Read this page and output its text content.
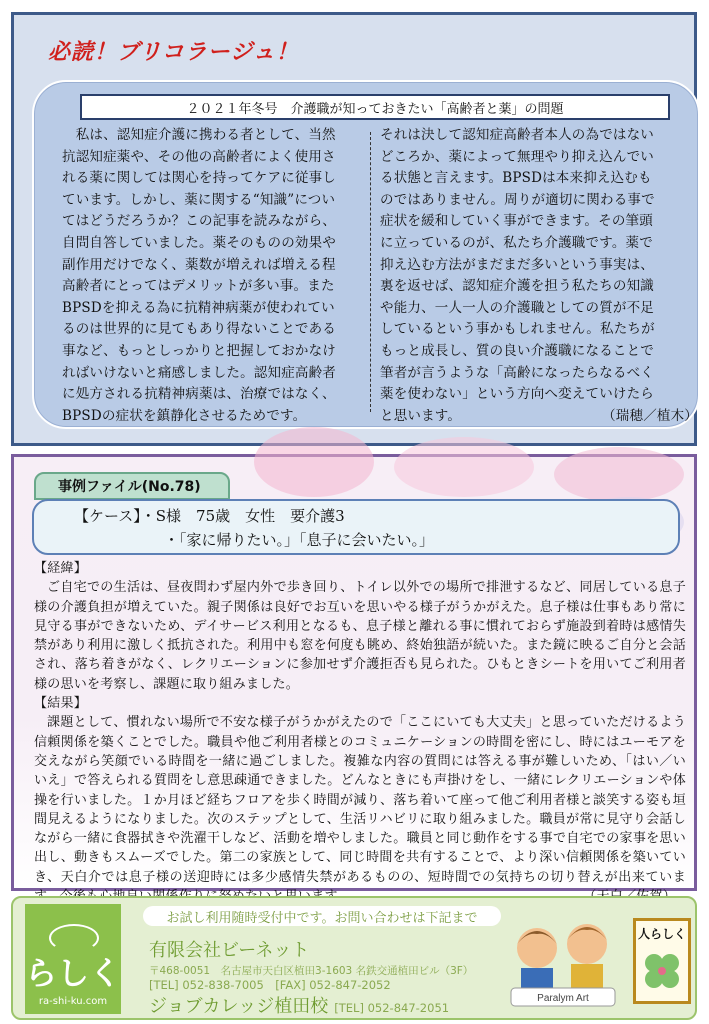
必読！ブリコラージュ！
２０２１年冬号　介護職が知っておきたい「高齢者と薬」の問題
　私は、認知症介護に携わる者として、当然
抗認知症薬や、その他の高齢者によく使用さ
れる薬に関しては関心を持ってケアに従事し
ています。しかし、薬に関する“知識”につい
てはどうだろうか？この記事を読みながら、
自問自答していました。薬そのものの効果や
副作用だけでなく、薬数が増えれば増える程
高齢者にとってはデメリットが多い事。また
BPSDを抑える為に抗精神病薬が使われてい
るのは世界的に見てもあり得ないことである
事など、もっとしっかりと把握しておかなけ
ればいけないと痛感しました。認知症高齢者
に処方される抗精神病薬は、治療ではなく、
BPSDの症状を鎮静化させるためです。
それは決して認知症高齢者本人の為ではない
どころか、薬によって無理やり抑え込んでい
る状態と言えます。BPSDは本来抑え込むも
のではありません。周りが適切に関わる事で
症状を緩和していく事ができます。その筆頭
に立っているのが、私たち介護職です。薬で
抑え込む方法がまだまだ多いという事実は、
裏を返せば、認知症介護を担う私たちの知識
や能力、一人一人の介護職としての質が不足
しているという事かもしれません。私たちが
もっと成長し、質の良い介護職になることで
筆者が言うような「高齢になったらなるべく
薬を使わない」という方向へ変えていけたら
と思います。	（瑞穂／植木）
事例ファイル(No.78)
【ケース】・S様　75歳　女性　要介護3
・「家に帰りたい。」「息子に会いたい。」
【経緯】
ご自宅での生活は、昼夜問わず屋内外で歩き回り、トイレ以外での場所で排泄するなど、同居している息子様の介護負担が増えていた。親子関係は良好でお互いを思いやる様子がうかがえた。息子様は仕事もあり常に見守る事ができないため、デイサービス利用となるも、息子様と離れる事に慣れておらず施設到着時は感情失禁があり利用に激しく抵抗された。利用中も窓を何度も眺め、終始独語が続いた。また鏡に映るご自分と会話され、落ち着きがなく、レクリエーションに参加せず介護拒否も見られた。ひもときシートを用いてご利用者様の思いを考察し、課題に取り組みました。
【結果】
課題として、慣れない場所で不安な様子がうかがえたので「ここにいても大丈夫」と思っていただけるよう信頼関係を築くことでした。職員や他ご利用者様とのコミュニケーションの時間を密にし、時にはユーモアを交えながら笑顔でいる時間を一緒に過ごしました。複雑な内容の質問には答える事が難しいため、「はい／いいえ」で答えられる質問をし意思疎通できました。どんなときにも声掛けをし、一緒にレクリエーションや体操を行いました。１か月ほど経ちフロアを歩く時間が減り、落ち着いて座って他ご利用者様と談笑する姿も垣間見えるようになりました。次のステップとして、生活リハビリに取り組みました。職員が常に見守り会話しながら一緒に食器拭きや洗濯干しなど、活動を増やしました。職員と同じ動作をする事で自宅での家事を思い出し、動きもスムーズでした。第二の家族として、同じ時間を共有することで、より深い信頼関係を築いていき、天白介では息子様の送迎時には多少感情失禁があるものの、短時間での気持ちの切り替えが出来ていま
らしく
ra-shi-ku.com
お試し利用随時受付中です。お問い合わせは下記まで
有限会社ビーネット
〒468-0051　名古屋市天白区植田3-1603 名鉄交通植田ビル（3F）
[TEL] 052-838-7005　[FAX] 052-847-2052
ジョブカレッジ植田校 [TEL] 052-847-2051
Paralym Art
人らしく
